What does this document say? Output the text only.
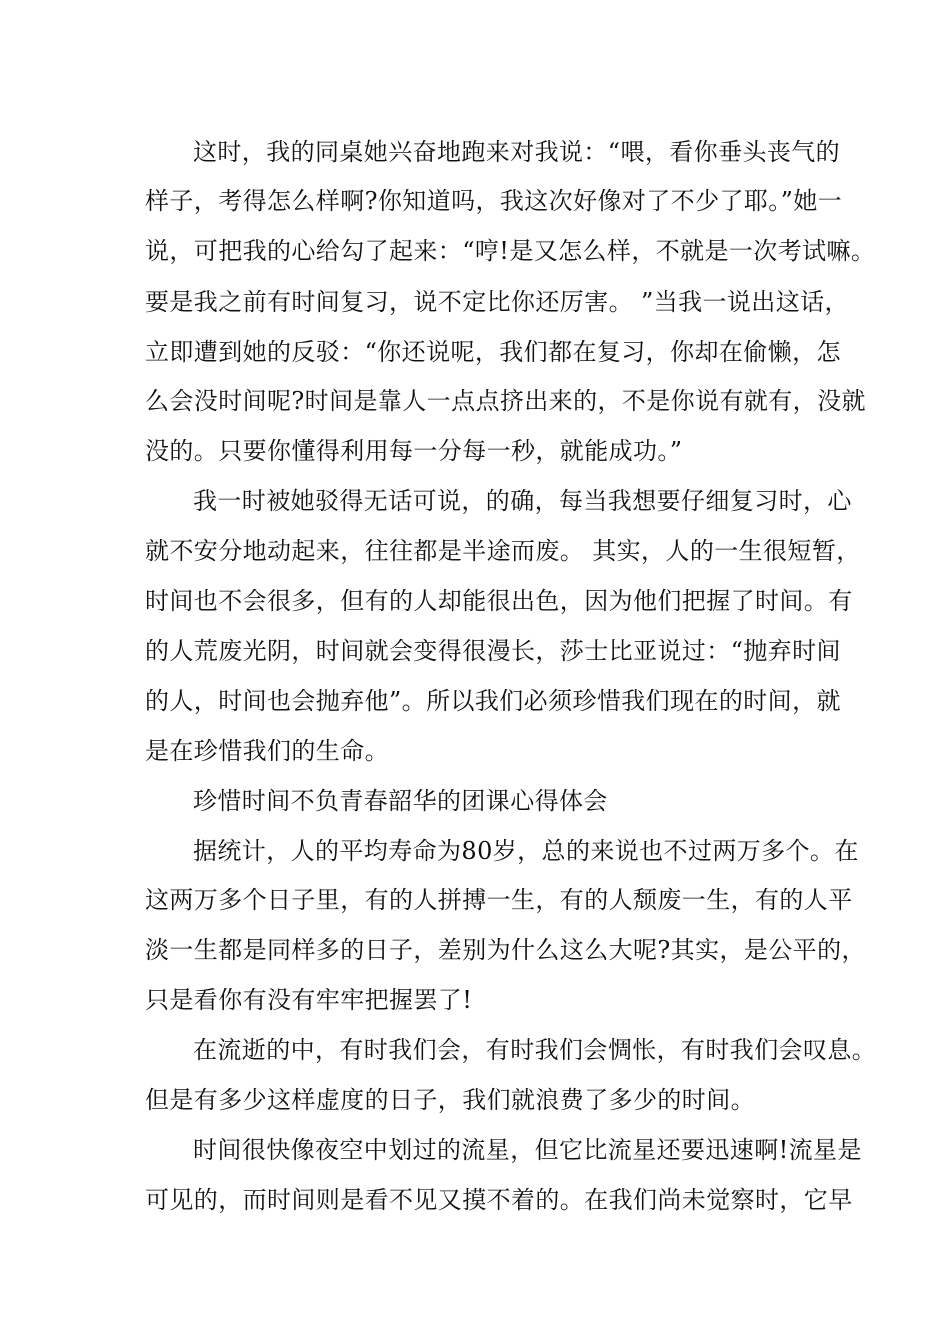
这时，我的同桌她兴奋地跑来对我说：“喂，看你垂头丧气的
样子，考得怎么样啊?你知道吗，我这次好像对了不少了耶。”她一
说，可把我的心给勾了起来：“哼!是又怎么样，不就是一次考试嘛。
要是我之前有时间复习，说不定比你还厉害。 ”当我一说出这话，
立即遭到她的反驳：“你还说呢，我们都在复习，你却在偷懒，怎
么会没时间呢?时间是靠人一点点挤出来的，不是你说有就有，没就
没的。只要你懂得利用每一分每一秒，就能成功。”
我一时被她驳得无话可说，的确，每当我想要仔细复习时，心
就不安分地动起来，往往都是半途而废。 其实，人的一生很短暂，
时间也不会很多，但有的人却能很出色，因为他们把握了时间。有
的人荒废光阴，时间就会变得很漫长，莎士比亚说过：“抛弃时间
的人，时间也会抛弃他”。所以我们必须珍惜我们现在的时间，就
是在珍惜我们的生命。
珍惜时间不负青春韶华的团课心得体会
据统计，人的平均寿命为80岁，总的来说也不过两万多个。在
这两万多个日子里，有的人拼搏一生，有的人颓废一生，有的人平
淡一生都是同样多的日子，差别为什么这么大呢?其实，是公平的，
只是看你有没有牢牢把握罢了!
在流逝的中，有时我们会，有时我们会惆怅，有时我们会叹息。
但是有多少这样虚度的日子，我们就浪费了多少的时间。
时间很快像夜空中划过的流星，但它比流星还要迅速啊!流星是
可见的，而时间则是看不见又摸不着的。在我们尚未觉察时，它早
